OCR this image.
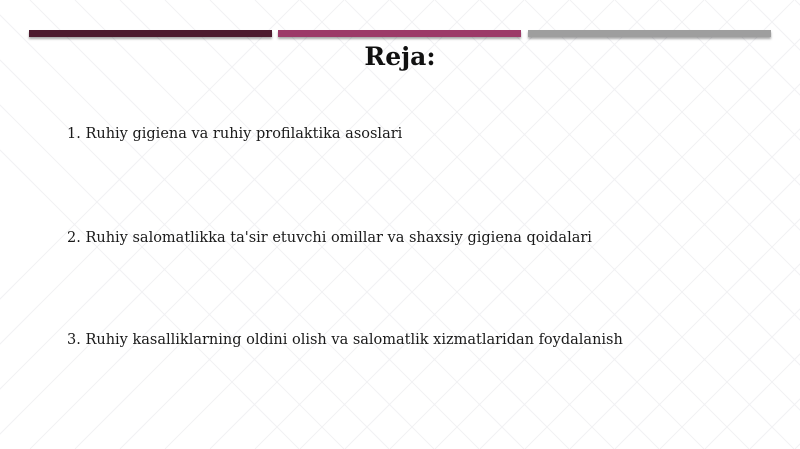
Reja:
1. Ruhiy gigiena va ruhiy profilaktika asoslari
2. Ruhiy salomatlikka ta'sir etuvchi omillar va shaxsiy gigiena qoidalari
3. Ruhiy kasalliklarning oldini olish va salomatlik xizmatlaridan foydalanish
